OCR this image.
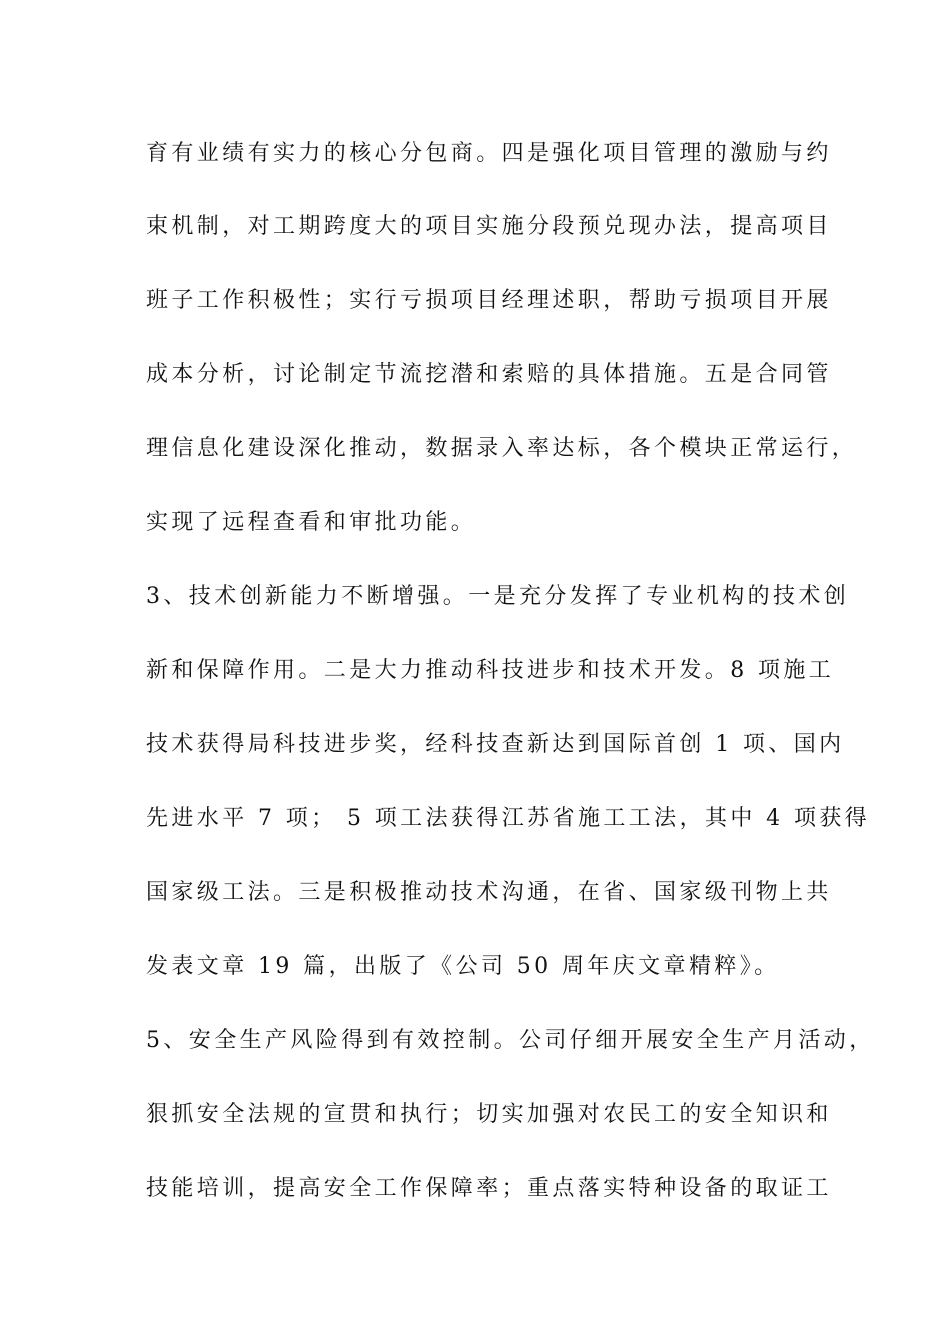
育有业绩有实力的核心分包商。四是强化项目管理的激励与约
束机制，对工期跨度大的项目实施分段预兑现办法，提高项目
班子工作积极性；实行亏损项目经理述职，帮助亏损项目开展
成本分析，讨论制定节流挖潜和索赔的具体措施。五是合同管
理信息化建设深化推动，数据录入率达标，各个模块正常运行，
实现了远程查看和审批功能。
3、技术创新能力不断增强。一是充分发挥了专业机构的技术创
新和保障作用。二是大力推动科技进步和技术开发。8 项施工
技术获得局科技进步奖，经科技查新达到国际首创 1 项、国内
先进水平 7 项； 5 项工法获得江苏省施工工法，其中 4 项获得
国家级工法。三是积极推动技术沟通，在省、国家级刊物上共
发表文章 19 篇，出版了《公司 50 周年庆文章精粹》。
5、安全生产风险得到有效控制。公司仔细开展安全生产月活动，
狠抓安全法规的宣贯和执行；切实加强对农民工的安全知识和
技能培训，提高安全工作保障率；重点落实特种设备的取证工
